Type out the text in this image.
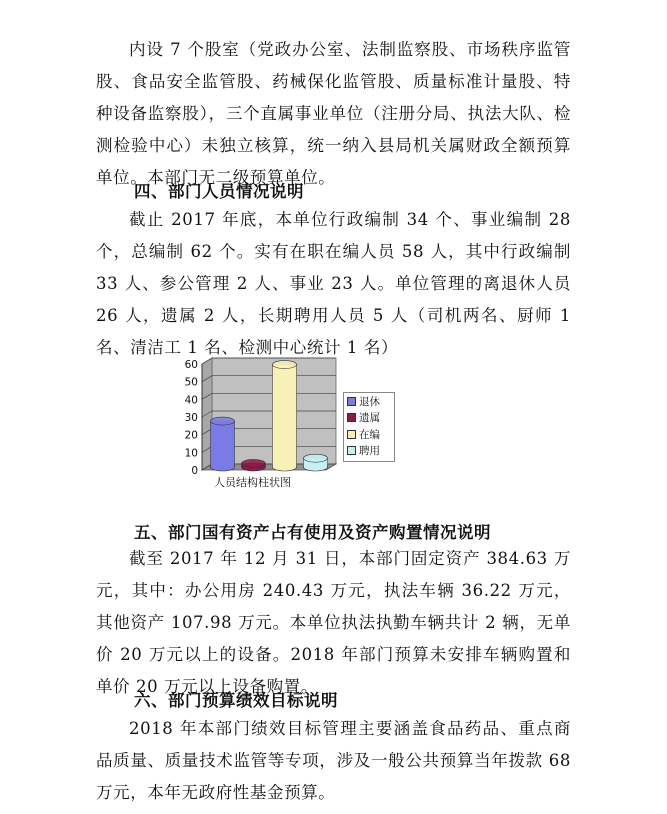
内设 7 个股室（党政办公室、法制监察股、市场秩序监管股、食品安全监管股、药械保化监管股、质量标准计量股、特种设备监察股），三个直属事业单位（注册分局、执法大队、检测检验中心）未独立核算，统一纳入县局机关属财政全额预算单位。本部门无二级预算单位。

四、部门人员情况说明

截止 2017 年底，本单位行政编制 34 个、事业编制 28 个，总编制 62 个。实有在职在编人员 58 人，其中行政编制 33 人、参公管理 2 人、事业 23 人。单位管理的离退休人员 26 人，遗属 2 人，长期聘用人员 5 人（司机两名、厨师 1 名、清洁工 1 名、检测中心统计 1 名）

0
10
20
30
40
50
60
退休
遗属
在编
聘用
人员结构柱状图

五、部门国有资产占有使用及资产购置情况说明

截至 2017 年 12 月 31 日，本部门固定资产 384.63 万元，其中：办公用房 240.43 万元，执法车辆 36.22 万元，其他资产 107.98 万元。本单位执法执勤车辆共计 2 辆，无单价 20 万元以上的设备。2018 年部门预算未安排车辆购置和单价 20 万元以上设备购置。

六、部门预算绩效目标说明

2018 年本部门绩效目标管理主要涵盖食品药品、重点商品质量、质量技术监管等专项，涉及一般公共预算当年拨款 68 万元，本年无政府性基金预算。
